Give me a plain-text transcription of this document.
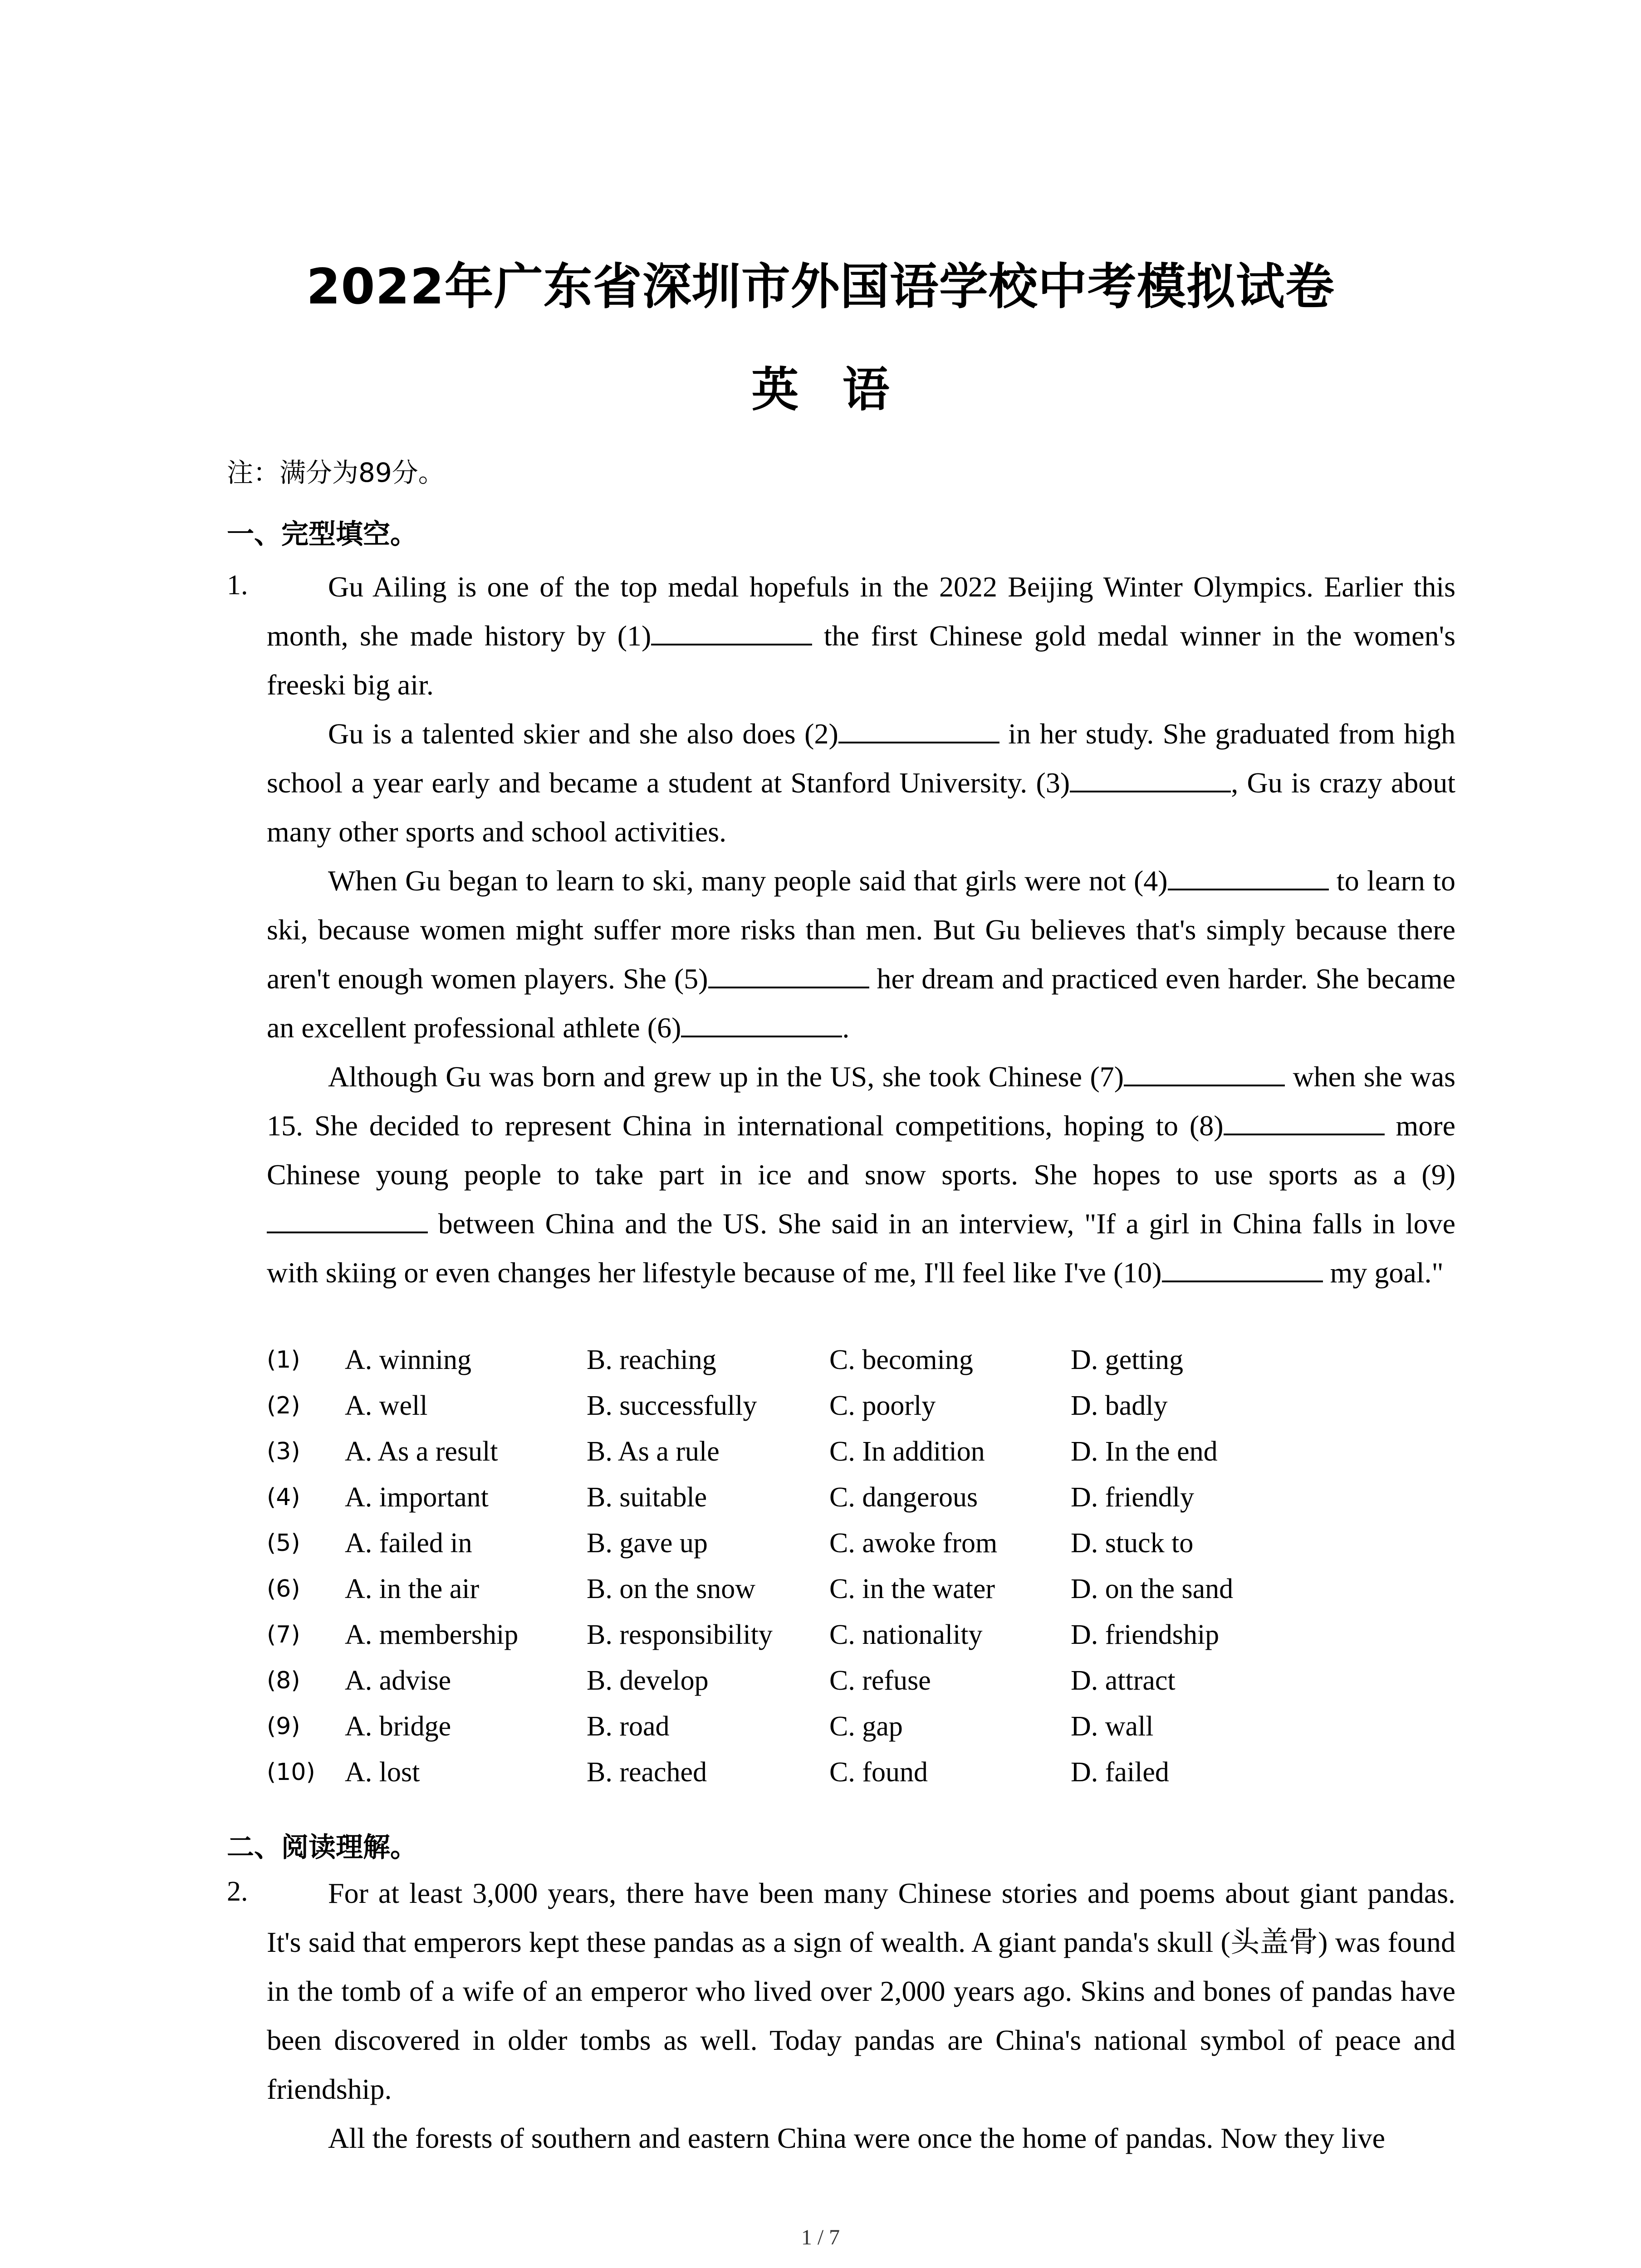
2022年广东省深圳市外国语学校中考模拟试卷
英 语
注：满分为89分。
一、完型填空。
1.	Gu Ailing is one of the top medal hopefuls in the 2022 Beijing Winter Olympics. Earlier this month, she made history by (1)	the first Chinese gold medal winner in the women's freeski big air.

Gu is a talented skier and she also does (2)	in her study. She graduated from high school a year early and became a student at Stanford University. (3)	, Gu is crazy about many other sports and school activities.

When Gu began to learn to ski, many people said that girls were not (4)	to learn to ski, because women might suffer more risks than men. But Gu believes that's simply because there aren't enough women players. She (5)	her dream and practiced even harder. She became an excellent professional athlete (6)	.

Although Gu was born and grew up in the US, she took Chinese (7)	when she was 15. She decided to represent China in international competitions, hoping to (8)	more Chinese young people to take part in ice and snow sports. She hopes to use sports as a (9) between China and the US. She said in an interview, "If a girl in China falls in love with skiing or even changes her lifestyle because of me, I'll feel like I've (10)	my goal."

(1) A. winning	B. reaching	C. becoming	D. getting
(2) A. well	B. successfully	C. poorly	D. badly
(3) A. As a result	B. As a rule	C. In addition	D. In the end
(4) A. important	B. suitable	C. dangerous	D. friendly
(5) A. failed in	B. gave up	C. awoke from	D. stuck to
(6) A. in the air	B. on the snow	C. in the water	D. on the sand
(7) A. membership B. responsibility C. nationality	D. friendship
(8) A. advise	B. develop	C. refuse	D. attract
(9) A. bridge	B. road	C. gap	D. wall
(10) A. lost	B. reached	C. found	D. failed
二、阅读理解。
2.	For at least 3,000 years, there have been many Chinese stories and poems about giant pandas. It's said that emperors kept these pandas as a sign of wealth. A giant panda's skull (头盖骨) was found in the tomb of a wife of an emperor who lived over 2,000 years ago. Skins and bones of pandas have been discovered in older tombs as well. Today pandas are China's national symbol of peace and friendship.

All the forests of southern and eastern China were once the home of pandas. Now they live

1 / 7
